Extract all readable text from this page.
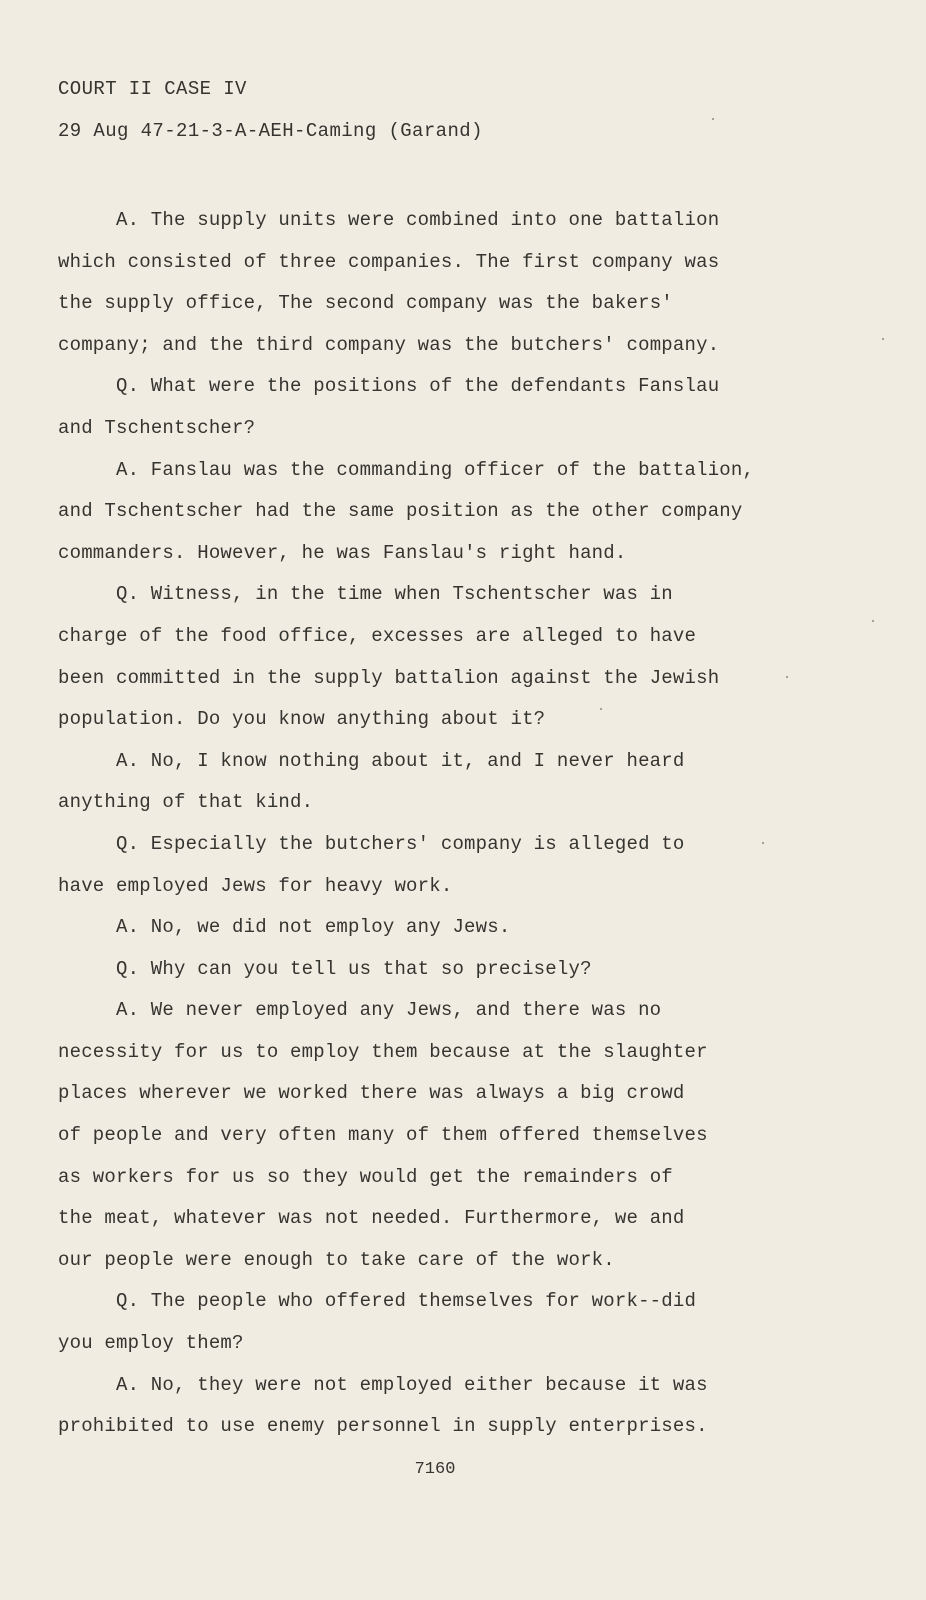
COURT II CASE IV
29 Aug 47-21-3-A-AEH-Caming (Garand)
A. The supply units were combined into one battalion
which consisted of three companies. The first company was
the supply office, The second company was the bakers'
company; and the third company was the butchers' company.
Q. What were the positions of the defendants Fanslau
and Tschentscher?
A. Fanslau was the commanding officer of the battalion,
and Tschentscher had the same position as the other company
commanders. However, he was Fanslau's right hand.
Q. Witness, in the time when Tschentscher was in
charge of the food office, excesses are alleged to have
been committed in the supply battalion against the Jewish
population. Do you know anything about it?
A. No, I know nothing about it, and I never heard
anything of that kind.
Q. Especially the butchers' company is alleged to
have employed Jews for heavy work.
A. No, we did not employ any Jews.
Q. Why can you tell us that so precisely?
A. We never employed any Jews, and there was no
necessity for us to employ them because at the slaughter
places wherever we worked there was always a big crowd
of people and very often many of them offered themselves
as workers for us so they would get the remainders of
the meat, whatever was not needed. Furthermore, we and
our people were enough to take care of the work.
Q. The people who offered themselves for work--did
you employ them?
A. No, they were not employed either because it was
prohibited to use enemy personnel in supply enterprises.
7160
